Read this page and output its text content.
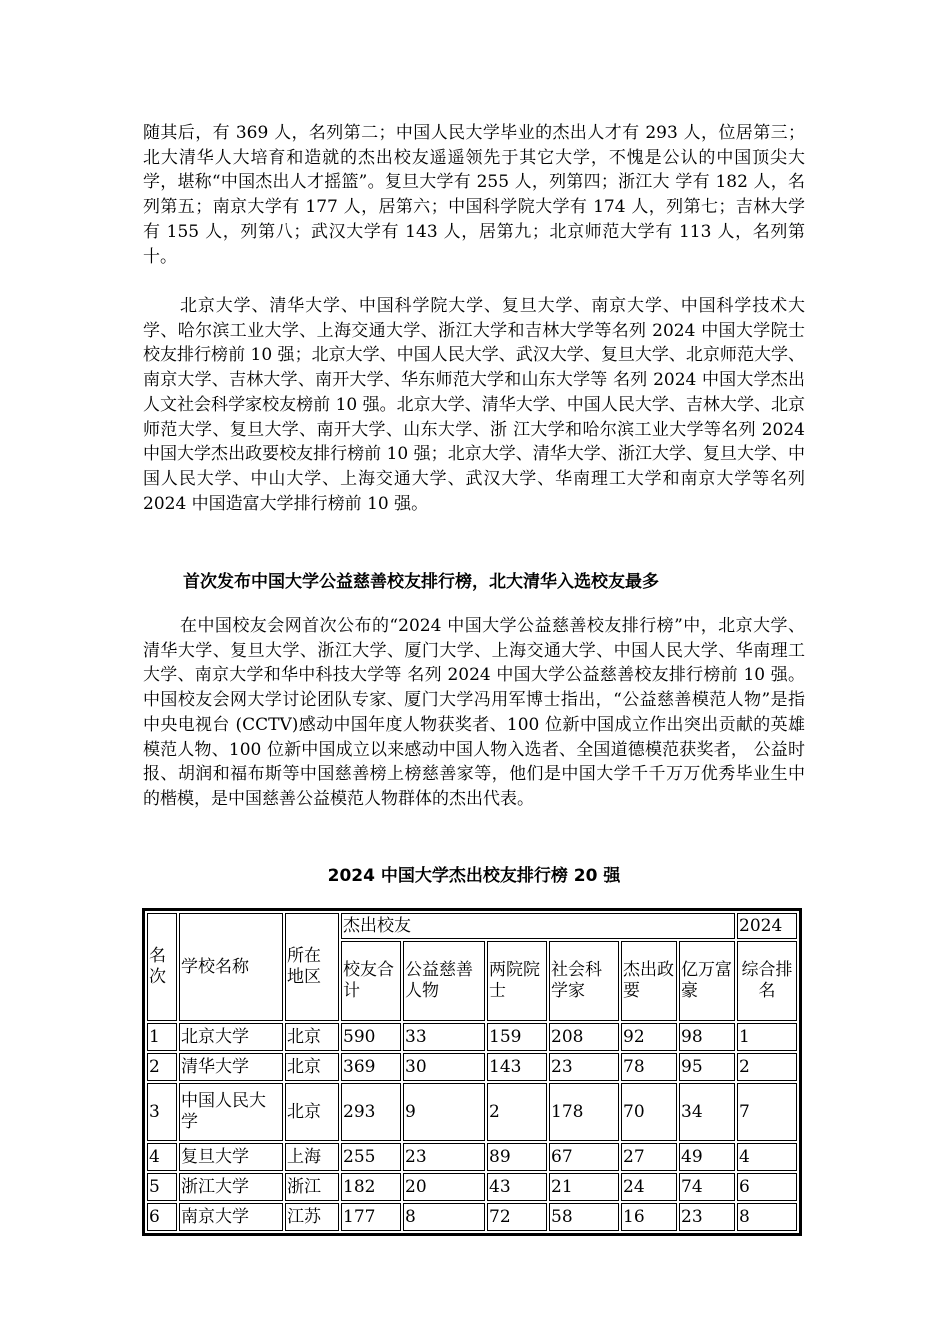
随其后，有 369 人，名列第二；中国人民大学毕业的杰出人才有 293 人，位居第三；北大清华人大培育和造就的杰出校友遥遥领先于其它大学，不愧是公认的中国顶尖大学，堪称“中国杰出人才摇篮”。复旦大学有 255 人，列第四；浙江大 学有 182 人，名列第五；南京大学有 177 人，居第六；中国科学院大学有 174 人，列第七；吉林大学有 155 人，列第八；武汉大学有 143 人，居第九；北京师范大学有 113 人，名列第十。

北京大学、清华大学、中国科学院大学、复旦大学、南京大学、中国科学技术大学、哈尔滨工业大学、上海交通大学、浙江大学和吉林大学等名列 2024 中国大学院士校友排行榜前 10 强；北京大学、中国人民大学、武汉大学、复旦大学、北京师范大学、南京大学、吉林大学、南开大学、华东师范大学和山东大学等 名列 2024 中国大学杰出人文社会科学家校友榜前 10 强。北京大学、清华大学、中国人民大学、吉林大学、北京师范大学、复旦大学、南开大学、山东大学、浙 江大学和哈尔滨工业大学等名列 2024 中国大学杰出政要校友排行榜前 10 强；北京大学、清华大学、浙江大学、复旦大学、中国人民大学、中山大学、上海交通大学、武汉大学、华南理工大学和南京大学等名列 2024 中国造富大学排行榜前 10 强。

首次发布中国大学公益慈善校友排行榜，北大清华入选校友最多

在中国校友会网首次公布的“2024 中国大学公益慈善校友排行榜”中，北京大学、清华大学、复旦大学、浙江大学、厦门大学、上海交通大学、中国人民大学、华南理工大学、南京大学和华中科技大学等 名列 2024 中国大学公益慈善校友排行榜前 10 强。中国校友会网大学讨论团队专家、厦门大学冯用军博士指出，“公益慈善模范人物”是指中央电视台 (CCTV)感动中国年度人物获奖者、100 位新中国成立作出突出贡献的英雄模范人物、100 位新中国成立以来感动中国人物入选者、全国道德模范获奖者， 公益时报、胡润和福布斯等中国慈善榜上榜慈善家等，他们是中国大学千千万万优秀毕业生中的楷模，是中国慈善公益模范人物群体的杰出代表。

2024 中国大学杰出校友排行榜 20 强

名次	学校名称	所在地区	杰出校友						2024
			校友合计	公益慈善人物	两院院士	社会科学家	杰出政要	亿万富豪	综合排名
1	北京大学	北京	590	33	159	208	92	98	1
2	清华大学	北京	369	30	143	23	78	95	2
3	中国人民大学	北京	293	9	2	178	70	34	7
4	复旦大学	上海	255	23	89	67	27	49	4
5	浙江大学	浙江	182	20	43	21	24	74	6
6	南京大学	江苏	177	8	72	58	16	23	8
